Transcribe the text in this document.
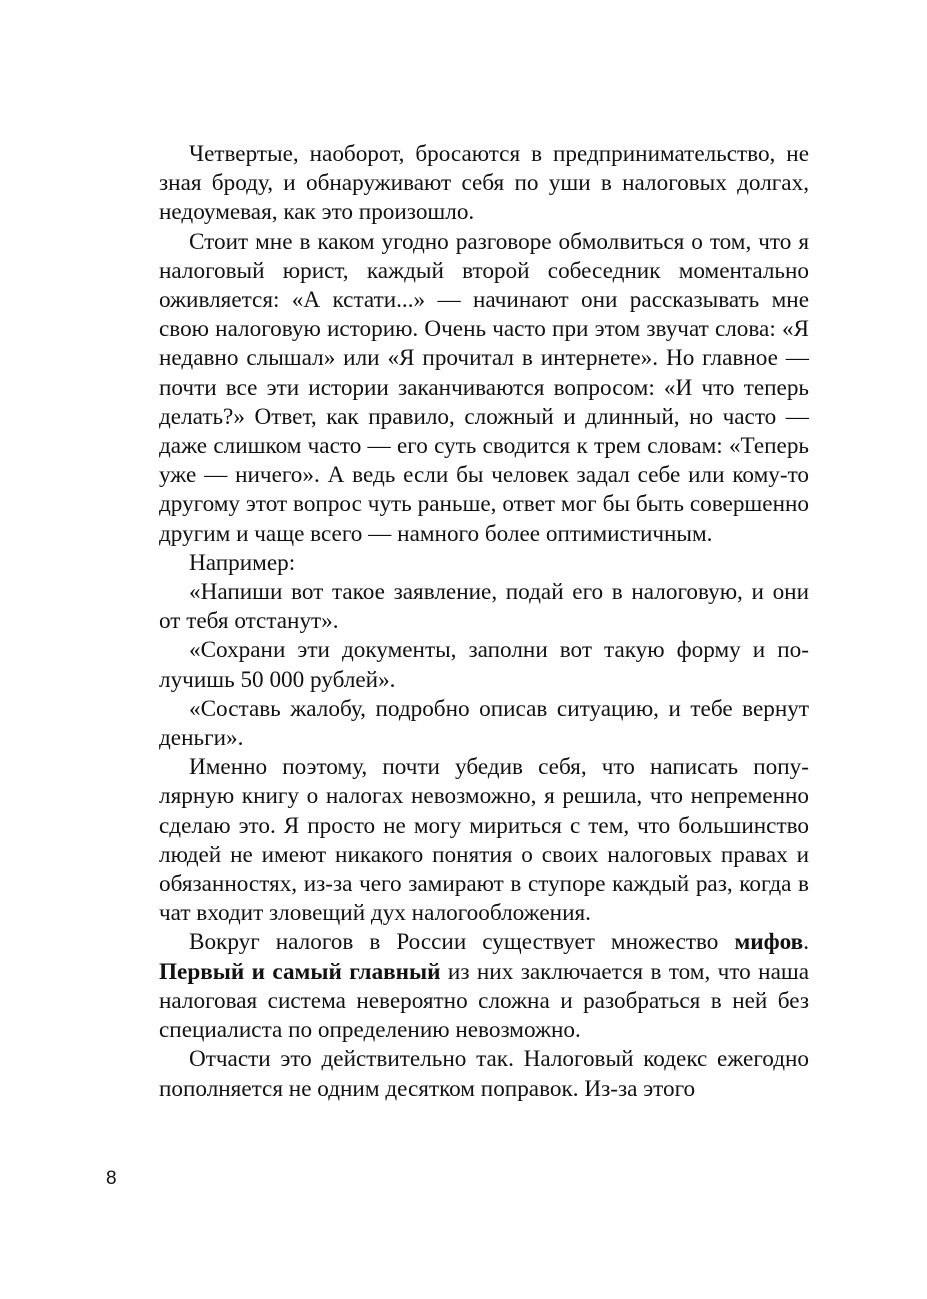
Четвертые, наоборот, бросаются в предпринимательство, не зная броду, и обнаруживают себя по уши в налоговых долгах, недоумевая, как это произошло.

Стоит мне в каком угодно разговоре обмолвиться о том, что я налоговый юрист, каждый второй собеседник моментально оживляется: «А кстати...» — начинают они рассказывать мне свою налоговую историю. Очень часто при этом звучат слова: «Я недавно слышал» или «Я прочитал в интернете». Но главное — почти все эти истории заканчиваются вопросом: «И что теперь делать?» Ответ, как правило, сложный и длинный, но часто — даже слишком часто — его суть сводится к трем словам: «Теперь уже — ничего». А ведь если бы человек задал себе или кому-то другому этот вопрос чуть раньше, ответ мог бы быть совершенно другим и чаще всего — намного более оптимистичным.

Например:

«Напиши вот такое заявление, подай его в налоговую, и они от тебя отстанут».

«Сохрани эти документы, заполни вот такую форму и получишь 50 000 рублей».

«Составь жалобу, подробно описав ситуацию, и тебе вернут деньги».

Именно поэтому, почти убедив себя, что написать популярную книгу о налогах невозможно, я решила, что непременно сделаю это. Я просто не могу мириться с тем, что большинство людей не имеют никакого понятия о своих налоговых правах и обязанностях, из-за чего замирают в ступоре каждый раз, когда в чат входит зловещий дух налогообложения.

Вокруг налогов в России существует множество мифов. Первый и самый главный из них заключается в том, что наша налоговая система невероятно сложна и разобраться в ней без специалиста по определению невозможно.

Отчасти это действительно так. Налоговый кодекс ежегодно пополняется не одним десятком поправок. Из-за этого

8
